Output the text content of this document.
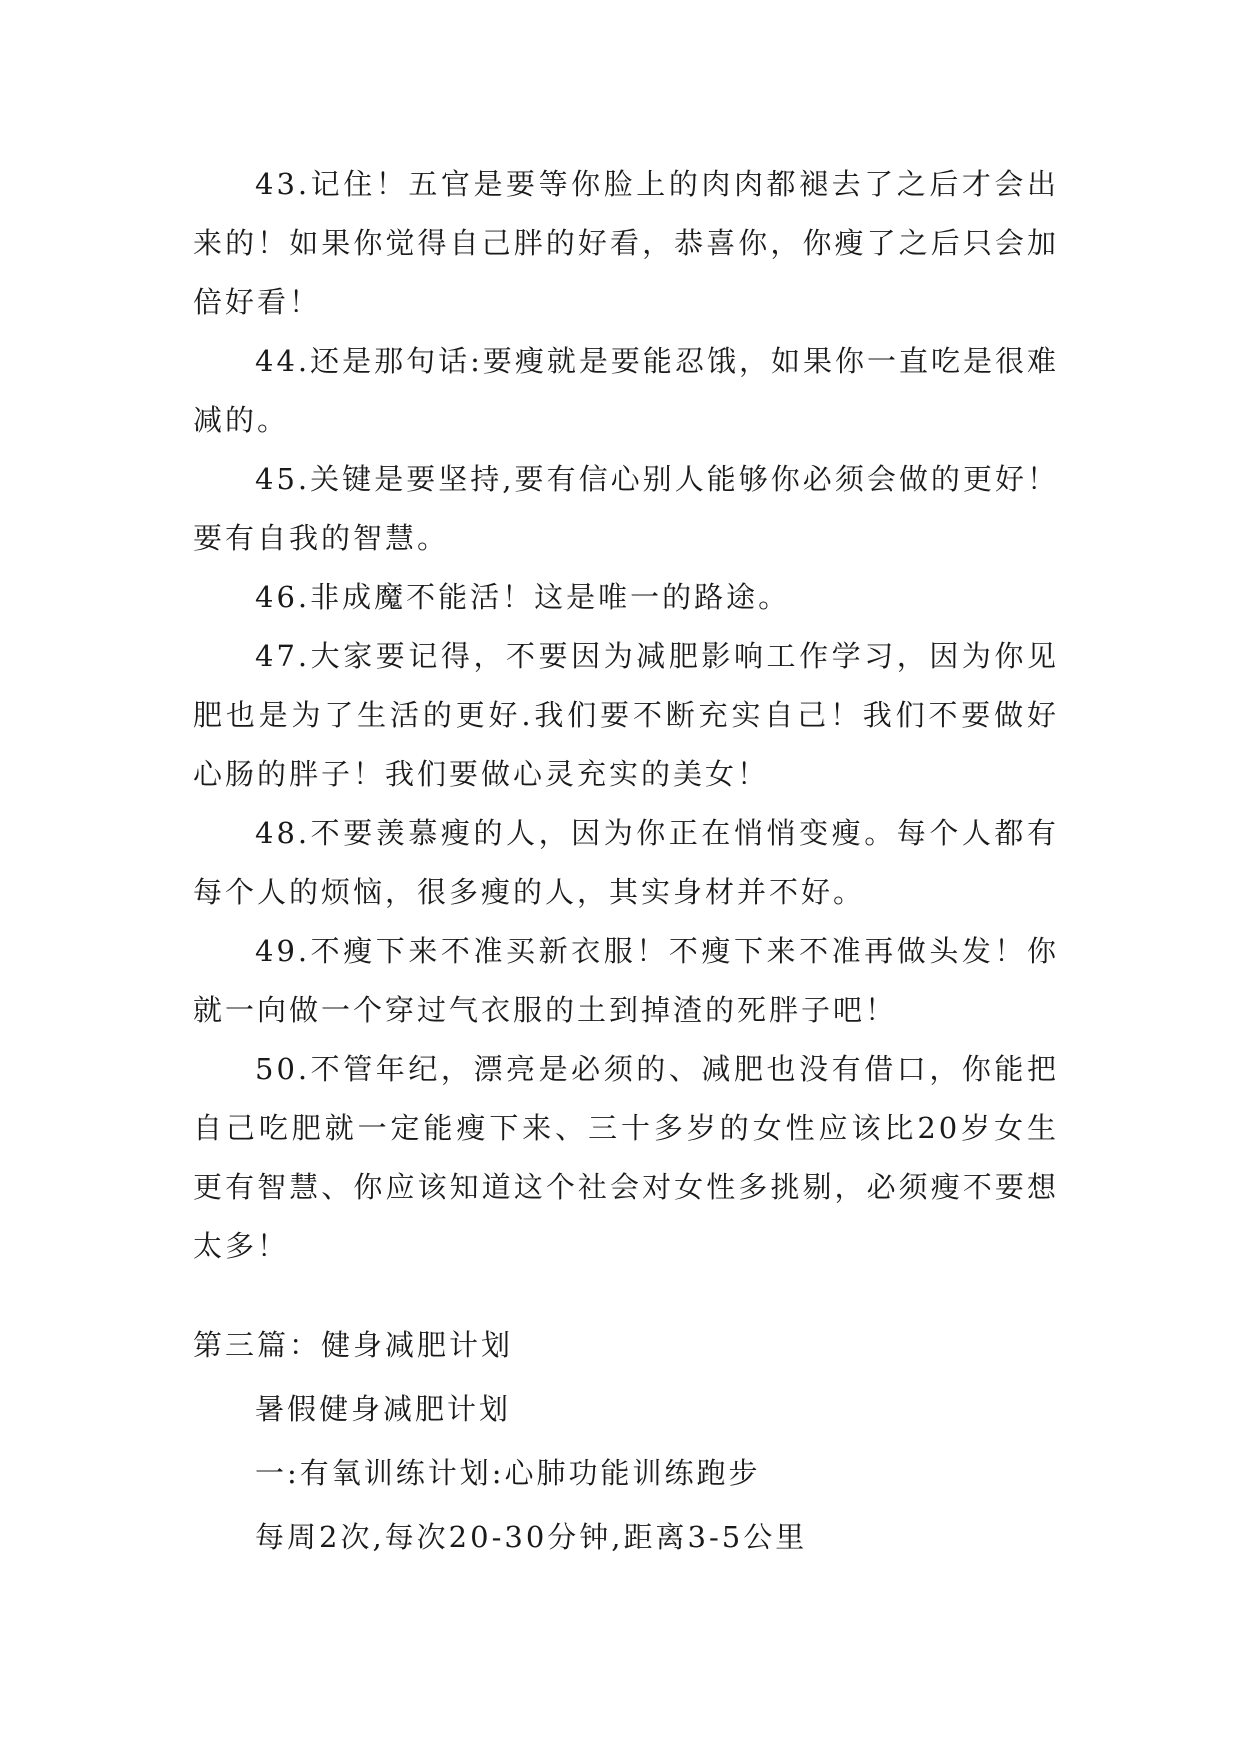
43.记住！五官是要等你脸上的肉肉都褪去了之后才会出来的！如果你觉得自己胖的好看，恭喜你，你瘦了之后只会加倍好看！

44.还是那句话:要瘦就是要能忍饿，如果你一直吃是很难减的。

45.关键是要坚持,要有信心别人能够你必须会做的更好！要有自我的智慧。

46.非成魔不能活！这是唯一的路途。

47.大家要记得，不要因为减肥影响工作学习，因为你见肥也是为了生活的更好.我们要不断充实自己！我们不要做好心肠的胖子！我们要做心灵充实的美女！

48.不要羡慕瘦的人，因为你正在悄悄变瘦。每个人都有每个人的烦恼，很多瘦的人，其实身材并不好。

49.不瘦下来不准买新衣服！不瘦下来不准再做头发！你就一向做一个穿过气衣服的土到掉渣的死胖子吧！

50.不管年纪，漂亮是必须的、减肥也没有借口，你能把自己吃肥就一定能瘦下来、三十多岁的女性应该比20岁女生更有智慧、你应该知道这个社会对女性多挑剔，必须瘦不要想太多！

第三篇：健身减肥计划

暑假健身减肥计划

一:有氧训练计划:心肺功能训练跑步

每周2次,每次20-30分钟,距离3-5公里
